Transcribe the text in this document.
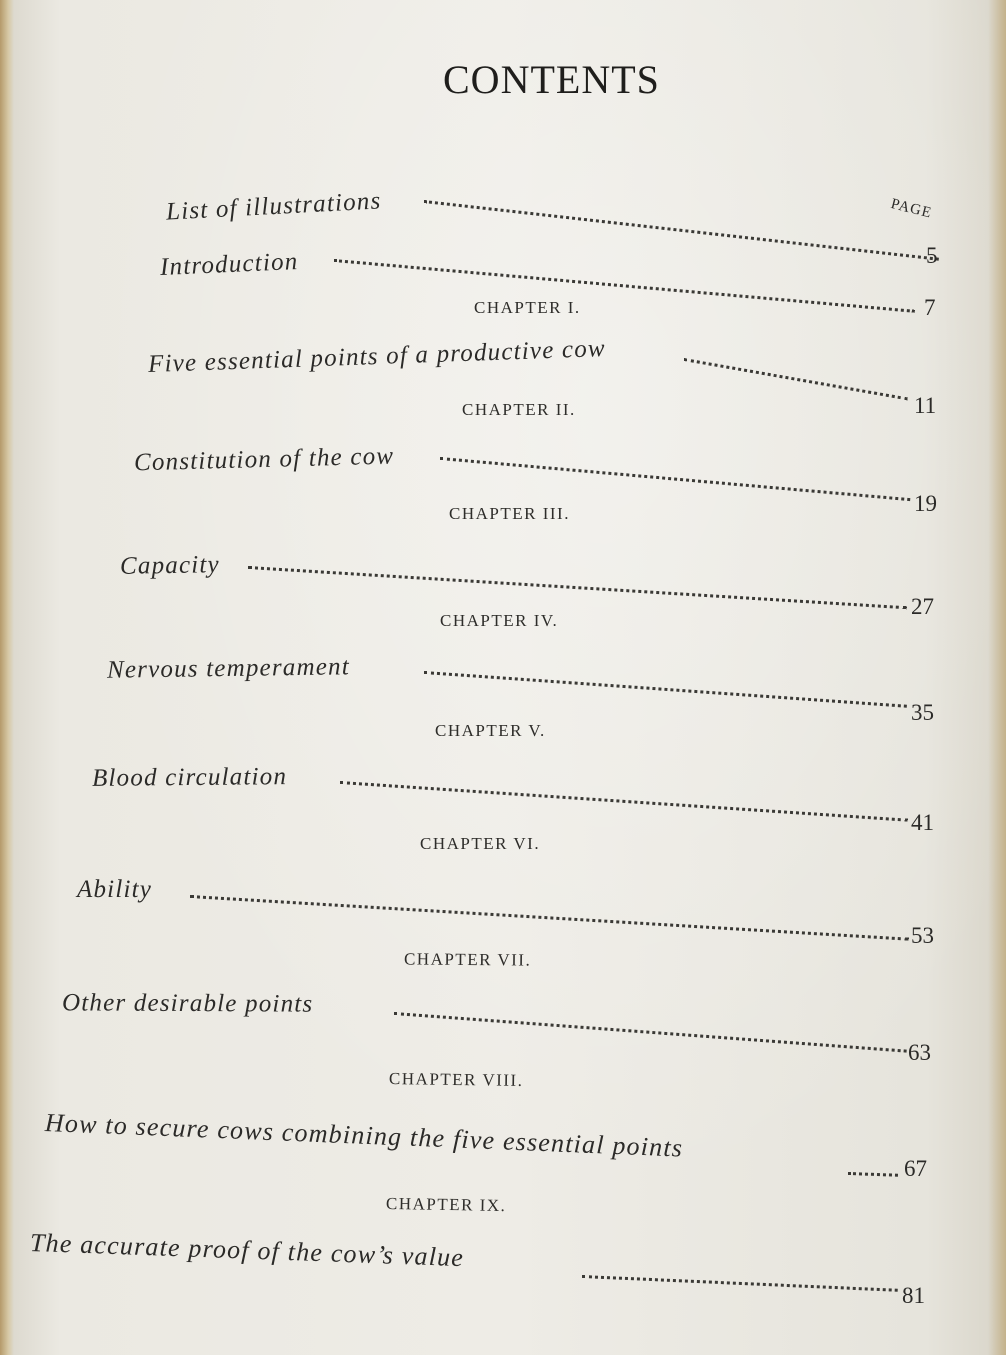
CONTENTS
PAGE
List of illustrations
5
Introduction
7
CHAPTER I.
Five essential points of a productive cow
11
CHAPTER II.
Constitution of the cow
19
CHAPTER III.
Capacity
27
CHAPTER IV.
Nervous temperament
35
CHAPTER V.
Blood circulation
41
CHAPTER VI.
Ability
53
CHAPTER VII.
Other desirable points
63
CHAPTER VIII.
How to secure cows combining the five essential points
67
CHAPTER IX.
The accurate proof of the cow’s value
81
